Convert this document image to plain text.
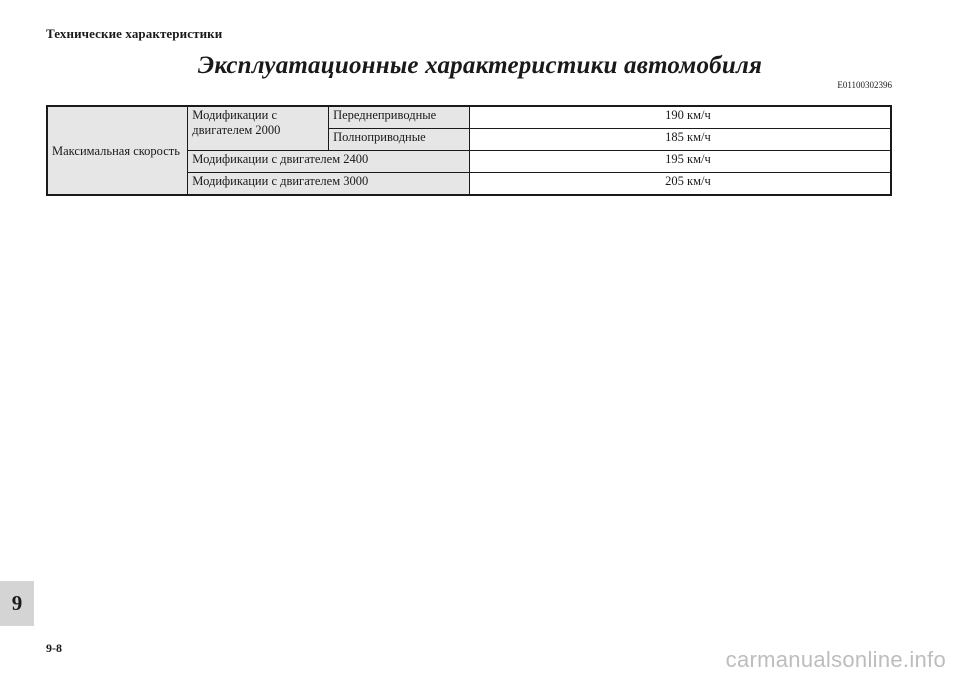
Технические характеристики
Эксплуатационные характеристики автомобиля
E01100302396
Максимальная скорость	Модификации с двигателем 2000	Переднеприводные	190 км/ч
		Полноприводные	185 км/ч
	Модификации с двигателем 2400		195 км/ч
	Модификации с двигателем 3000		205 км/ч
9
9-8	carmanualsonline.info
